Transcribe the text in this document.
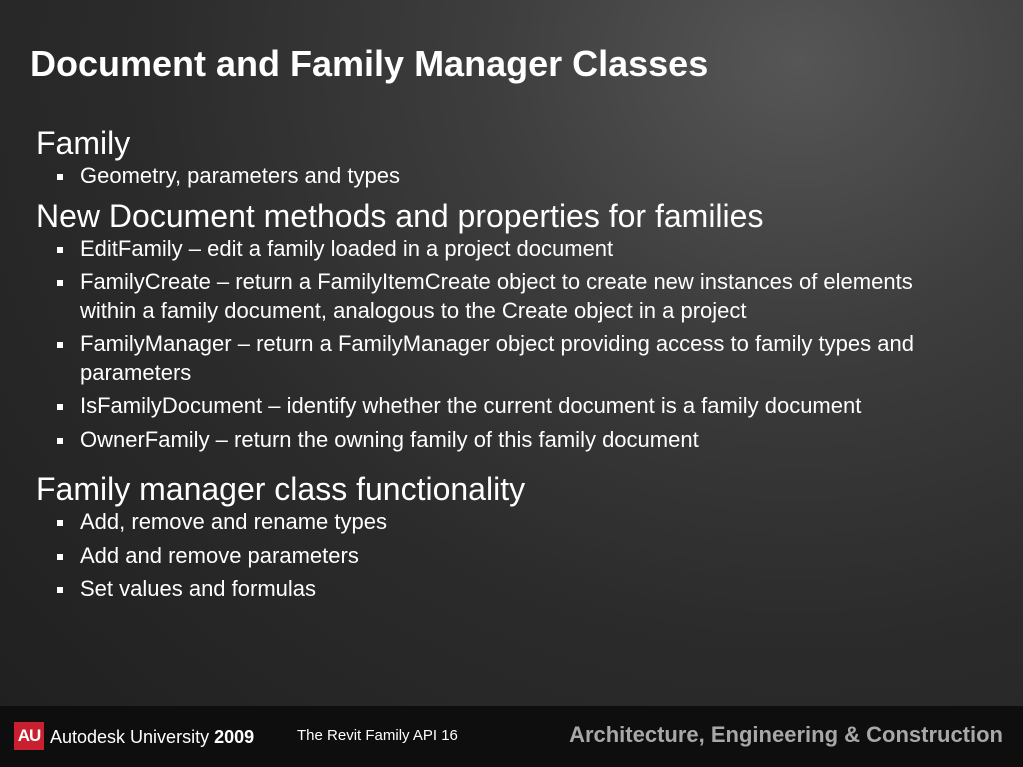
Document and Family Manager Classes
Family
Geometry, parameters and types
New Document methods and properties for families
EditFamily – edit a family loaded in a project document
FamilyCreate – return a FamilyItemCreate object to create new instances of elements within a family document, analogous to the Create object in a project
FamilyManager – return a FamilyManager object providing access to family types and parameters
IsFamilyDocument – identify whether the current document is a family document
OwnerFamily – return the owning family of this family document
Family manager class functionality
Add, remove and rename types
Add and remove parameters
Set values and formulas
AU Autodesk University 2009	The Revit Family API 16	Architecture, Engineering & Construction
